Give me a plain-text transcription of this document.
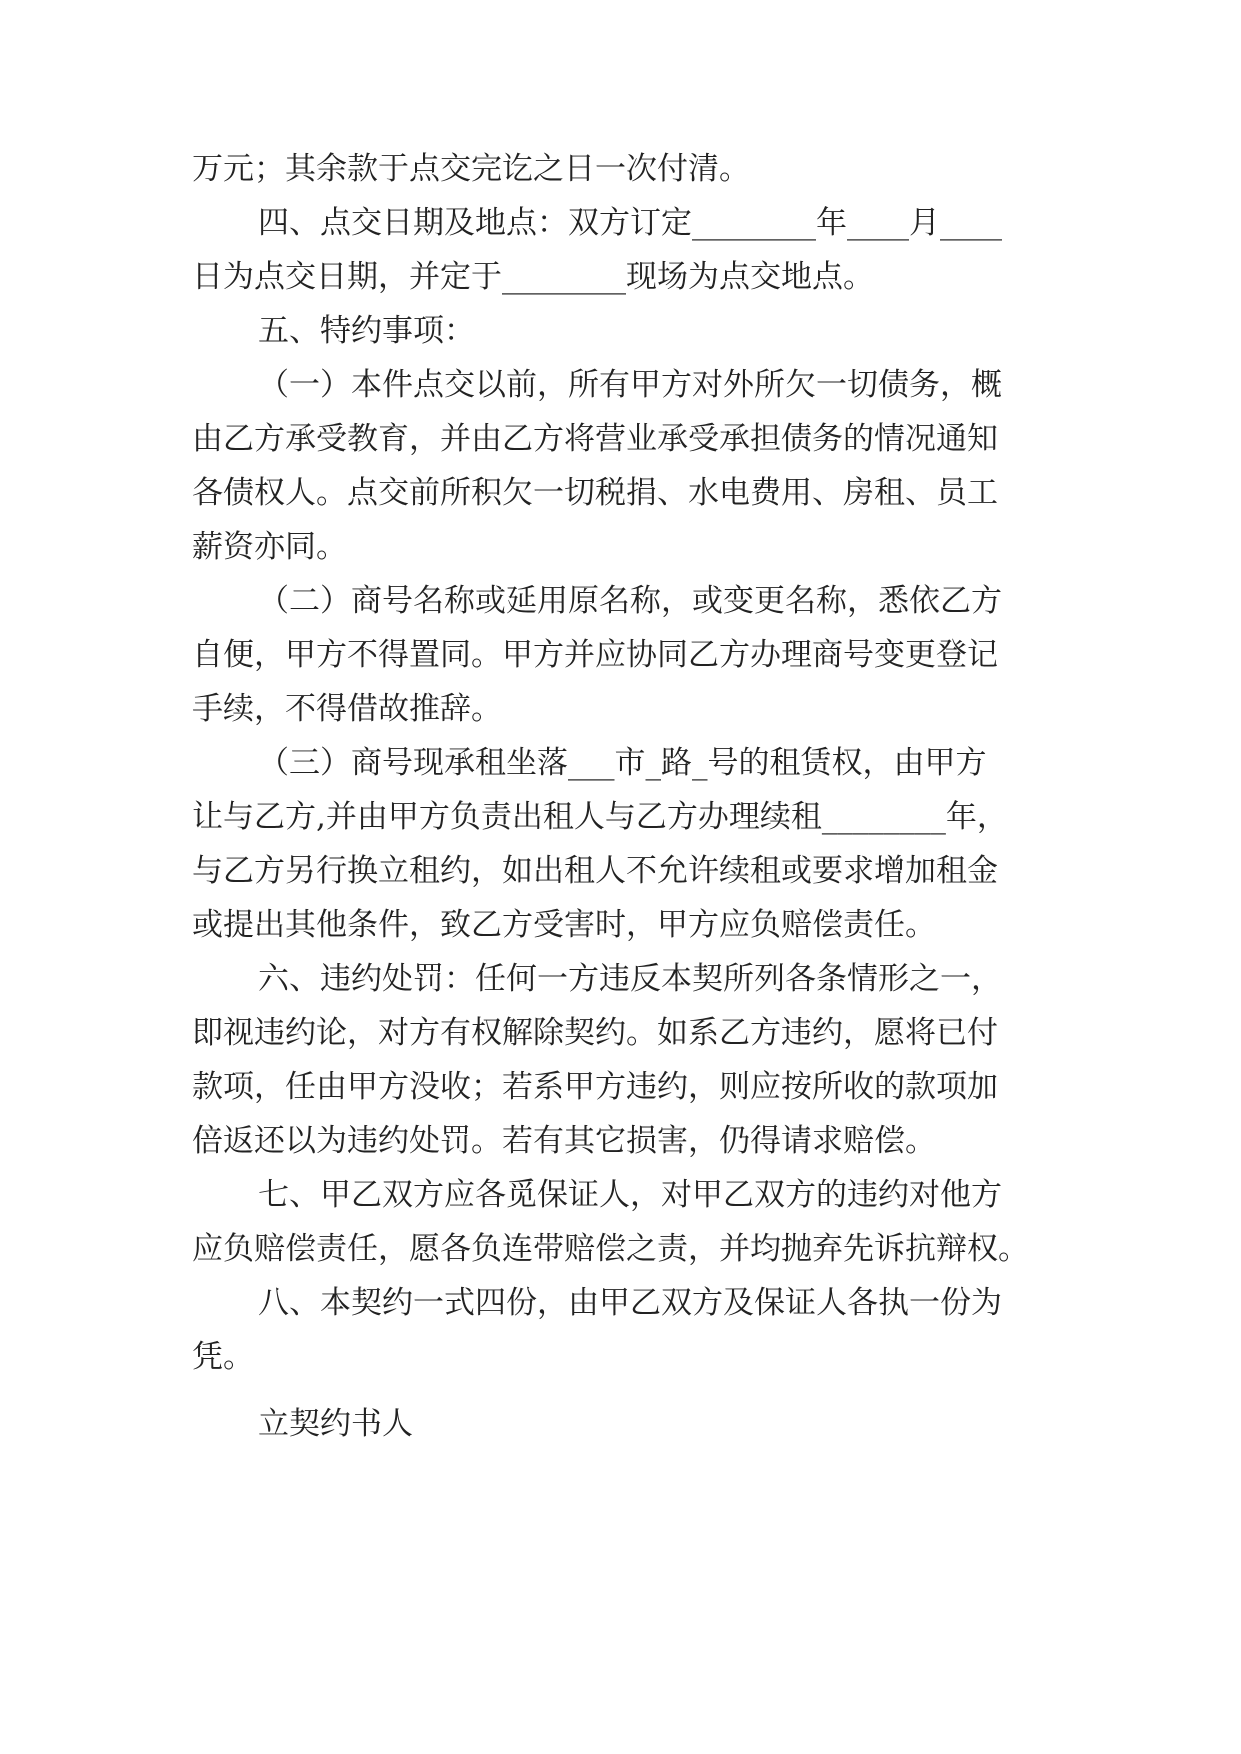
万元；其余款于点交完讫之日一次付清。
四、点交日期及地点：双方订定________年____月____
日为点交日期，并定于________现场为点交地点。
五、特约事项：
（一）本件点交以前，所有甲方对外所欠一切债务，概
由乙方承受教育，并由乙方将营业承受承担债务的情况通知
各债权人。点交前所积欠一切税捐、水电费用、房租、员工
薪资亦同。
（二）商号名称或延用原名称，或变更名称，悉依乙方
自便，甲方不得置同。甲方并应协同乙方办理商号变更登记
手续，不得借故推辞。
（三）商号现承租坐落___市_路_号的租赁权，由甲方
让与乙方,并由甲方负责出租人与乙方办理续租________年，
与乙方另行换立租约，如出租人不允许续租或要求增加租金
或提出其他条件，致乙方受害时，甲方应负赔偿责任。
六、违约处罚：任何一方违反本契所列各条情形之一，
即视违约论，对方有权解除契约。如系乙方违约，愿将已付
款项，任由甲方没收；若系甲方违约，则应按所收的款项加
倍返还以为违约处罚。若有其它损害，仍得请求赔偿。
七、甲乙双方应各觅保证人，对甲乙双方的违约对他方
应负赔偿责任，愿各负连带赔偿之责，并均抛弃先诉抗辩权。
八、本契约一式四份，由甲乙双方及保证人各执一份为
凭。
立契约书人
